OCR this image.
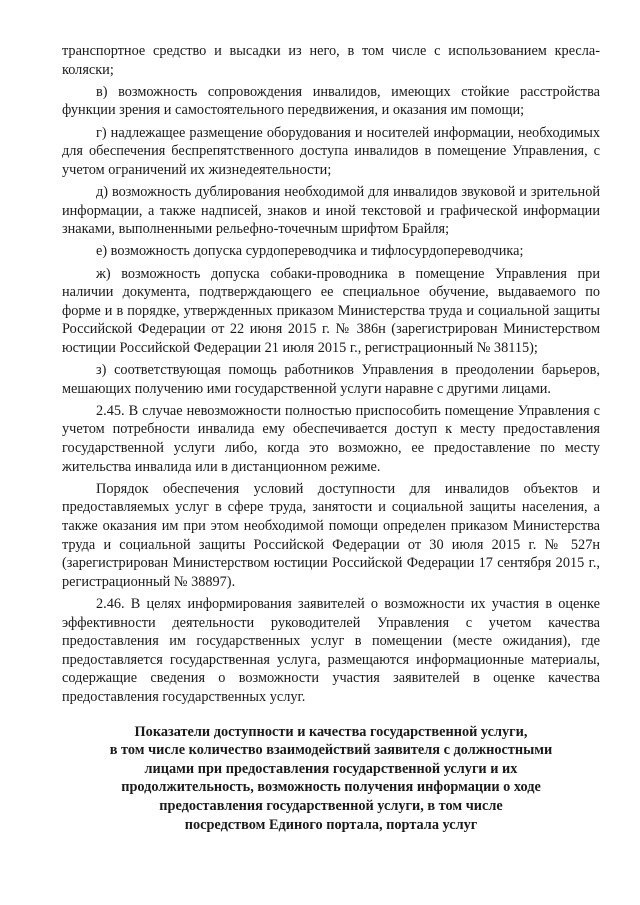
транспортное средство и высадки из него, в том числе с использованием кресла-коляски;

в) возможность сопровождения инвалидов, имеющих стойкие расстройства функции зрения и самостоятельного передвижения, и оказания им помощи;

г) надлежащее размещение оборудования и носителей информации, необходимых для обеспечения беспрепятственного доступа инвалидов в помещение Управления, с учетом ограничений их жизнедеятельности;

д) возможность дублирования необходимой для инвалидов звуковой и зрительной информации, а также надписей, знаков и иной текстовой и графической информации знаками, выполненными рельефно-точечным шрифтом Брайля;

е) возможность допуска сурдопереводчика и тифлосурдопереводчика;

ж) возможность допуска собаки-проводника в помещение Управления при наличии документа, подтверждающего ее специальное обучение, выдаваемого по форме и в порядке, утвержденных приказом Министерства труда и социальной защиты Российской Федерации от 22 июня 2015 г. № 386н (зарегистрирован Министерством юстиции Российской Федерации 21 июля 2015 г., регистрационный № 38115);

з) соответствующая помощь работников Управления в преодолении барьеров, мешающих получению ими государственной услуги наравне с другими лицами.

2.45. В случае невозможности полностью приспособить помещение Управления с учетом потребности инвалида ему обеспечивается доступ к месту предоставления государственной услуги либо, когда это возможно, ее предоставление по месту жительства инвалида или в дистанционном режиме.

Порядок обеспечения условий доступности для инвалидов объектов и предоставляемых услуг в сфере труда, занятости и социальной защиты населения, а также оказания им при этом необходимой помощи определен приказом Министерства труда и социальной защиты Российской Федерации от 30 июля 2015 г. № 527н (зарегистрирован Министерством юстиции Российской Федерации 17 сентября 2015 г., регистрационный № 38897).

2.46. В целях информирования заявителей о возможности их участия в оценке эффективности деятельности руководителей Управления с учетом качества предоставления им государственных услуг в помещении (месте ожидания), где предоставляется государственная услуга, размещаются информационные материалы, содержащие сведения о возможности участия заявителей в оценке качества предоставления государственных услуг.

Показатели доступности и качества государственной услуги,
в том числе количество взаимодействий заявителя с должностными
лицами при предоставления государственной услуги и их
продолжительность, возможность получения информации о ходе
предоставления государственной услуги, в том числе
посредством Единого портала, портала услуг
